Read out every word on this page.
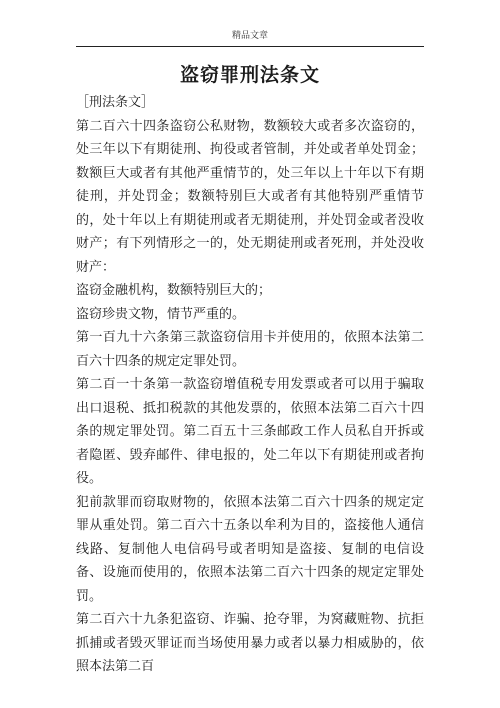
精品文章
盗窃罪刑法条文

［刑法条文］

第二百六十四条盗窃公私财物，数额较大或者多次盗窃的，处三年以下有期徒刑、拘役或者管制，并处或者单处罚金；数额巨大或者有其他严重情节的，处三年以上十年以下有期徒刑，并处罚金；数额特别巨大或者有其他特别严重情节的，处十年以上有期徒刑或者无期徒刑，并处罚金或者没收财产；有下列情形之一的，处无期徒刑或者死刑，并处没收财产：

盗窃金融机构，数额特别巨大的；

盗窃珍贵文物，情节严重的。

第一百九十六条第三款盗窃信用卡并使用的，依照本法第二百六十四条的规定定罪处罚。

第二百一十条第一款盗窃增值税专用发票或者可以用于骗取出口退税、抵扣税款的其他发票的，依照本法第二百六十四条的规定罪处罚。第二百五十三条邮政工作人员私自开拆或者隐匿、毁弃邮件、律电报的，处二年以下有期徒刑或者拘役。

犯前款罪而窃取财物的，依照本法第二百六十四条的规定定罪从重处罚。第二百六十五条以牟利为目的，盗接他人通信线路、复制他人电信码号或者明知是盗接、复制的电信设备、设施而使用的，依照本法第二百六十四条的规定定罪处罚。

第二百六十九条犯盗窃、诈骗、抢夺罪，为窝藏赃物、抗拒抓捕或者毁灭罪证而当场使用暴力或者以暴力相威胁的，依照本法第二百
